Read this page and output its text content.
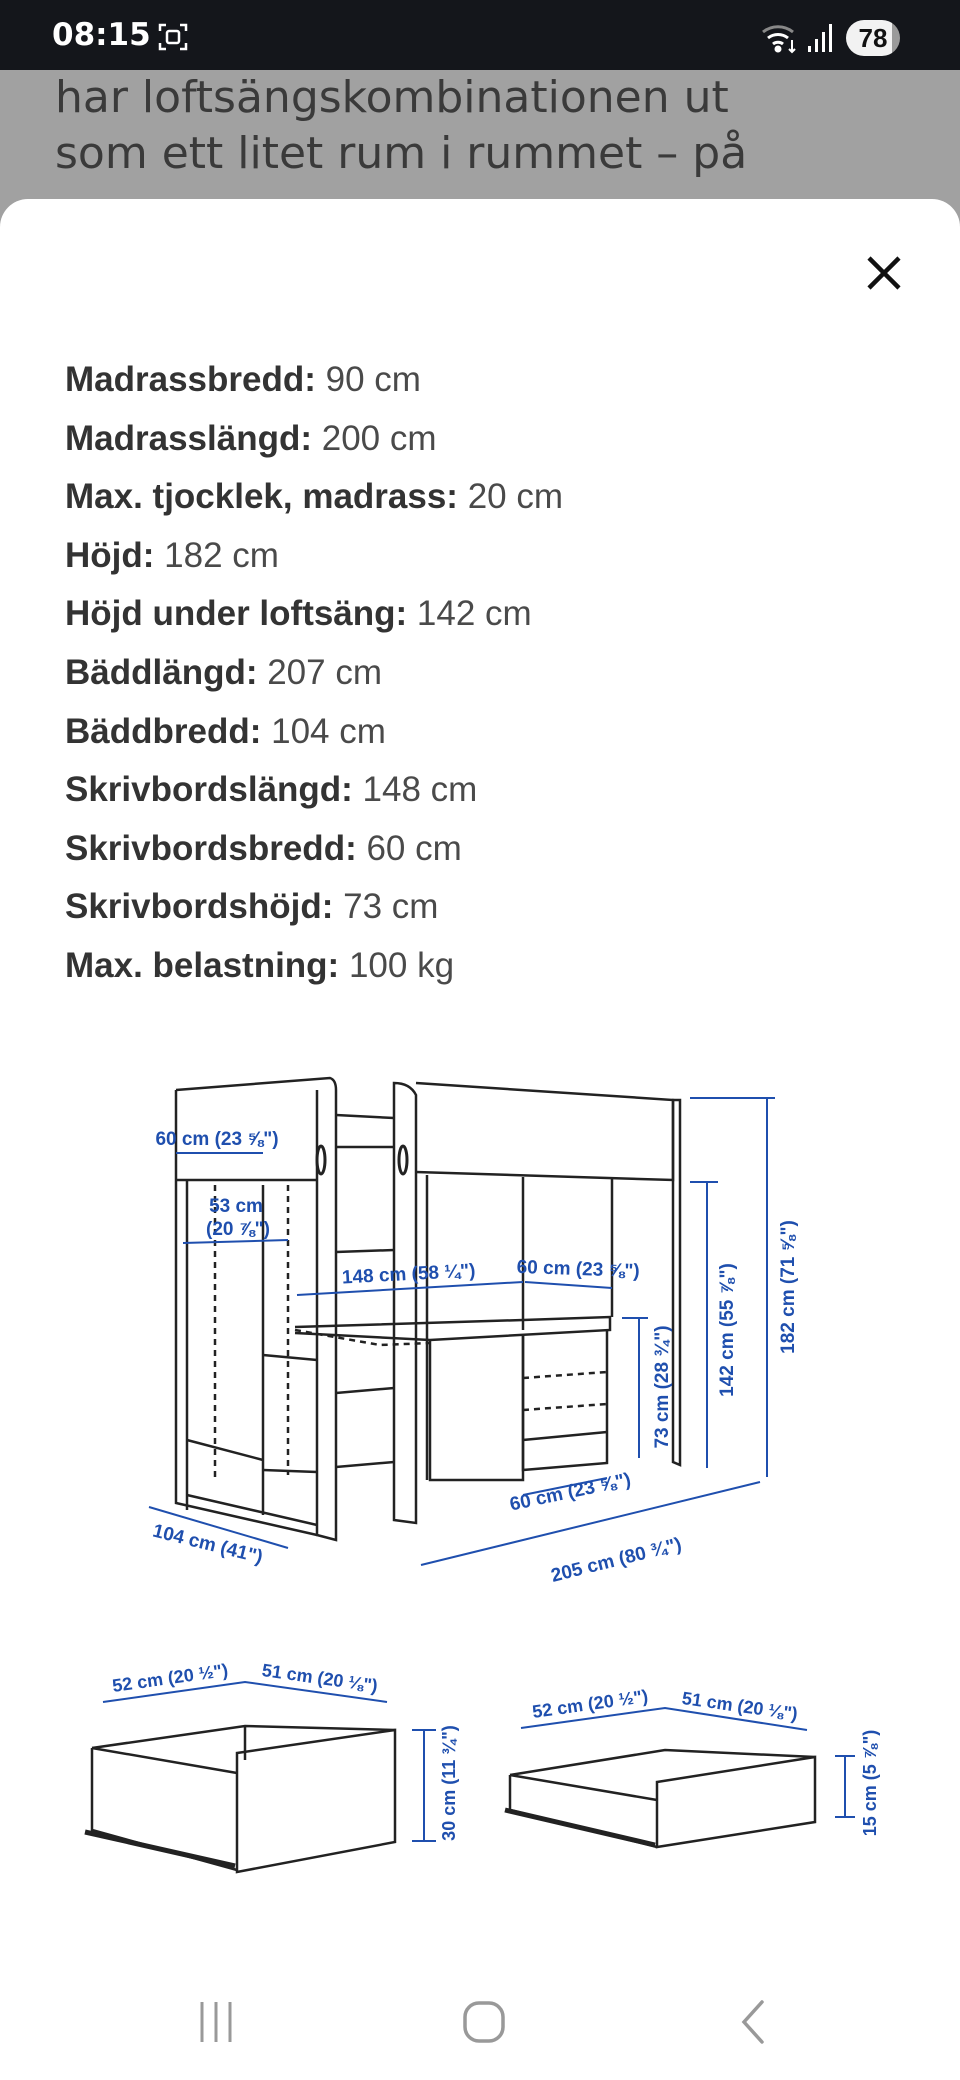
har loftsängskombinationen ut
som ett litet rum i rummet – på
08:15	78
Madrassbredd: 90 cm
Madrasslängd: 200 cm
Max. tjocklek, madrass: 20 cm
Höjd: 182 cm
Höjd under loftsäng: 142 cm
Bäddlängd: 207 cm
Bäddbredd: 104 cm
Skrivbordslängd: 148 cm
Skrivbordsbredd: 60 cm
Skrivbordshöjd: 73 cm
Max. belastning: 100 kg
60 cm (23 ⅝")
53 cm
(20 ⅞")
148 cm (58 ¼") 60 cm (23 ⅝")
73 cm (28 ¾") 142 cm (55 ⅞") 182 cm (71 ⅝")
60 cm (23 ⅝")
205 cm (80 ¾")
104 cm (41")
52 cm (20 ½") 51 cm (20 ⅛")
30 cm (11 ¾")
52 cm (20 ½") 51 cm (20 ⅛")
15 cm (5 ⅞")
